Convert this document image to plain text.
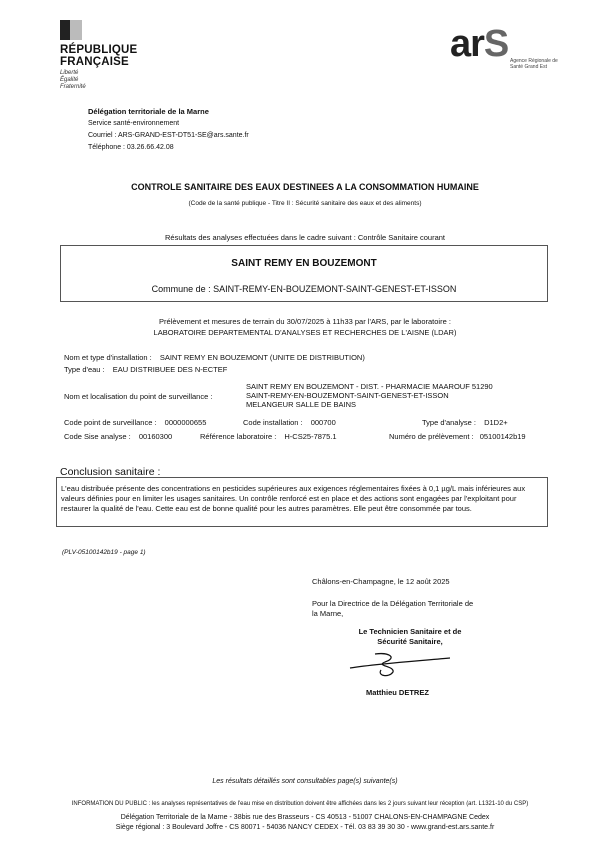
RÉPUBLIQUE
FRANÇAISE
Liberté
Égalité
Fraternité
arS Agence Régionale de Santé Grand Est
Délégation territoriale de la Marne
Service santé-environnement
Courriel : ARS-GRAND-EST-DT51-SE@ars.sante.fr
Téléphone : 03.26.66.42.08
CONTROLE SANITAIRE DES EAUX DESTINEES A LA CONSOMMATION HUMAINE
(Code de la santé publique - Titre II : Sécurité sanitaire des eaux et des aliments)
Résultats des analyses effectuées dans le cadre suivant : Contrôle Sanitaire courant
SAINT REMY EN BOUZEMONT
Commune de : SAINT-REMY-EN-BOUZEMONT-SAINT-GENEST-ET-ISSON
Prélèvement et mesures de terrain du 30/07/2025 à 11h33 par l'ARS, par le laboratoire :
LABORATOIRE DEPARTEMENTAL D'ANALYSES ET RECHERCHES DE L'AISNE (LDAR)
Nom et type d'installation : SAINT REMY EN BOUZEMONT (UNITE DE DISTRIBUTION)
Type d'eau : EAU DISTRIBUEE DES N-ECTEF
Nom et localisation du point de surveillance :
SAINT REMY EN BOUZEMONT - DIST. - PHARMACIE MAAROUF 51290
SAINT-REMY-EN-BOUZEMONT-SAINT-GENEST-ET-ISSON
MELANGEUR SALLE DE BAINS
Code point de surveillance : 0000000655	Code installation : 000700	Type d'analyse : D1D2+
Code Sise analyse : 00160300	Référence laboratoire : H-CS25-7875.1	Numéro de prélèvement : 05100142b19
Conclusion sanitaire :
L'eau distribuée présente des concentrations en pesticides supérieures aux exigences réglementaires fixées à 0,1 µg/L mais inférieures aux valeurs définies pour en limiter les usages sanitaires. Un contrôle renforcé est en place et des actions sont engagées par l'exploitant pour restaurer la qualité de l'eau. Cette eau est de bonne qualité pour les autres paramètres. Elle peut être consommée par tous.
(PLV-05100142b19 - page 1)
Châlons-en-Champagne, le 12 août 2025
Pour la Directrice de la Délégation Territoriale de
la Marne,
Le Technicien Sanitaire et de
Sécurité Sanitaire,
Matthieu DETREZ
Les résultats détaillés sont consultables page(s) suivante(s)
INFORMATION DU PUBLIC : les analyses représentatives de l'eau mise en distribution doivent être affichées dans les 2 jours suivant leur réception (art. L1321-10 du CSP)
Délégation Territoriale de la Marne - 38bis rue des Brasseurs - CS 40513 - 51007 CHALONS-EN-CHAMPAGNE Cedex
Siège régional : 3 Boulevard Joffre - CS 80071 - 54036 NANCY CEDEX - Tél. 03 83 39 30 30 - www.grand-est.ars.sante.fr
